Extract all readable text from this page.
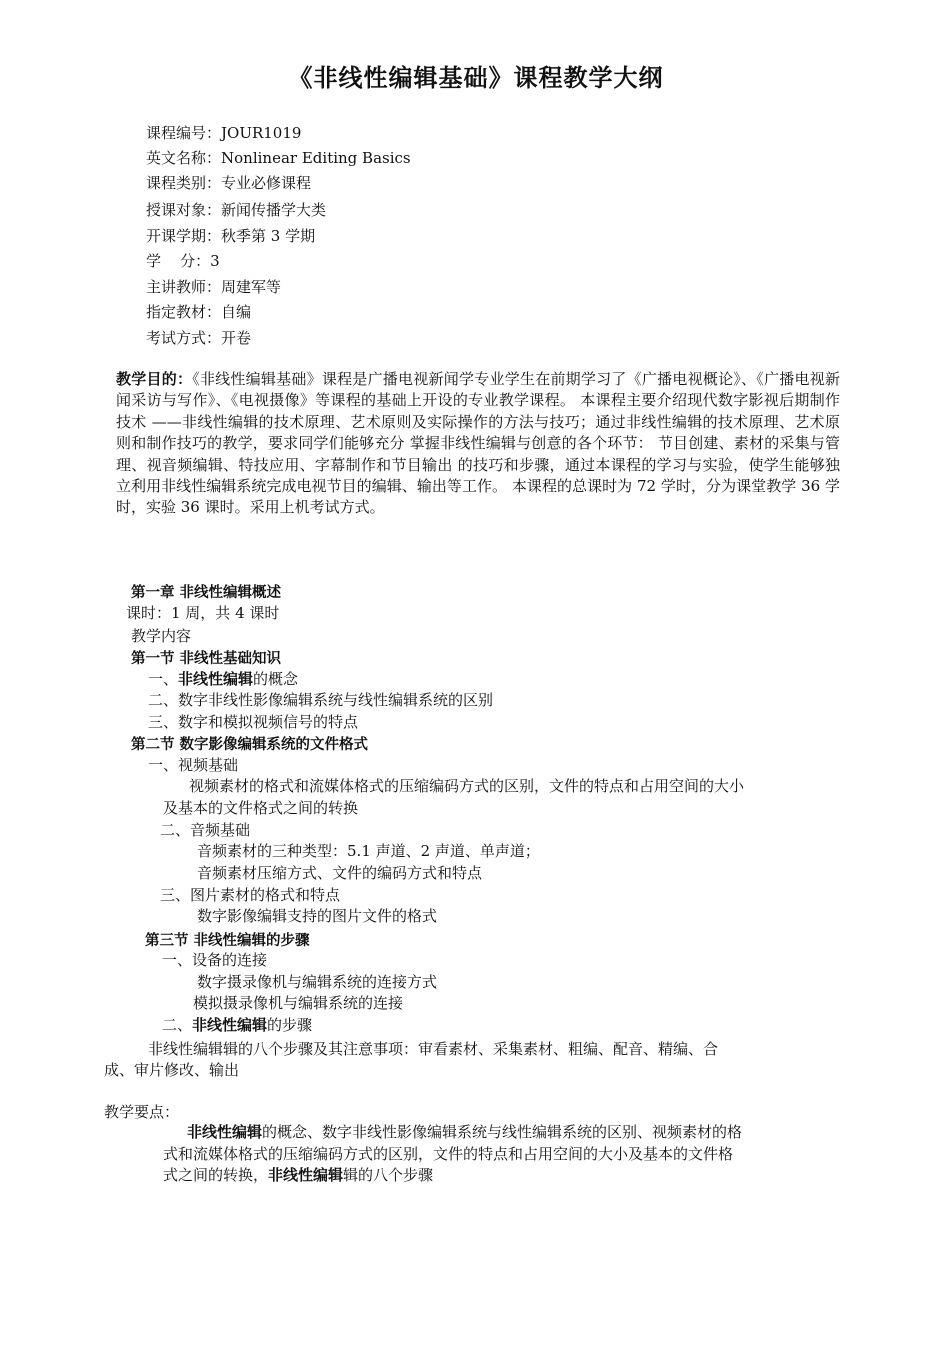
《非线性编辑基础》课程教学大纲
课程编号：JOUR1019
英文名称：Nonlinear Editing Basics
课程类别：专业必修课程
授课对象：新闻传播学大类
开课学期：秋季第 3 学期
学    分：3
主讲教师：周建军等
指定教材：自编
考试方式：开卷
教学目的：《非线性编辑基础》课程是广播电视新闻学专业学生在前期学习了《广播电视概论》、《广播电视新闻采访与写作》、《电视摄像》等课程的基础上开设的专业教学课程。 本课程主要介绍现代数字影视后期制作技术 ——非线性编辑的技术原理、艺术原则及实际操作的方法与技巧；通过非线性编辑的技术原理、艺术原则和制作技巧的教学，要求同学们能够充分 掌握非线性编辑与创意的各个环节： 节目创建、素材的采集与管理、视音频编辑、特技应用、字幕制作和节目输出 的技巧和步骤，通过本课程的学习与实验，使学生能够独立利用非线性编辑系统完成电视节目的编辑、输出等工作。 本课程的总课时为 72 学时，分为课堂教学 36 学时，实验 36 课时。采用上机考试方式。
第一章 非线性编辑概述
课时：1 周，共 4 课时
教学内容
第一节 非线性基础知识
一、非线性编辑的概念
二、数字非线性影像编辑系统与线性编辑系统的区别
三、数字和模拟视频信号的特点
第二节 数字影像编辑系统的文件格式
一、视频基础
视频素材的格式和流媒体格式的压缩编码方式的区别，文件的特点和占用空间的大小
及基本的文件格式之间的转换
二、音频基础
音频素材的三种类型：5.1 声道、2 声道、单声道；
音频素材压缩方式、文件的编码方式和特点
三、图片素材的格式和特点
数字影像编辑支持的图片文件的格式
第三节 非线性编辑的步骤
一、设备的连接
数字摄录像机与编辑系统的连接方式
模拟摄录像机与编辑系统的连接
二、非线性编辑的步骤
非线性编辑辑的八个步骤及其注意事项：审看素材、采集素材、粗编、配音、精编、合
成、审片修改、输出
教学要点：
非线性编辑的概念、数字非线性影像编辑系统与线性编辑系统的区别、视频素材的格
式和流媒体格式的压缩编码方式的区别，文件的特点和占用空间的大小及基本的文件格
式之间的转换，非线性编辑辑的八个步骤
